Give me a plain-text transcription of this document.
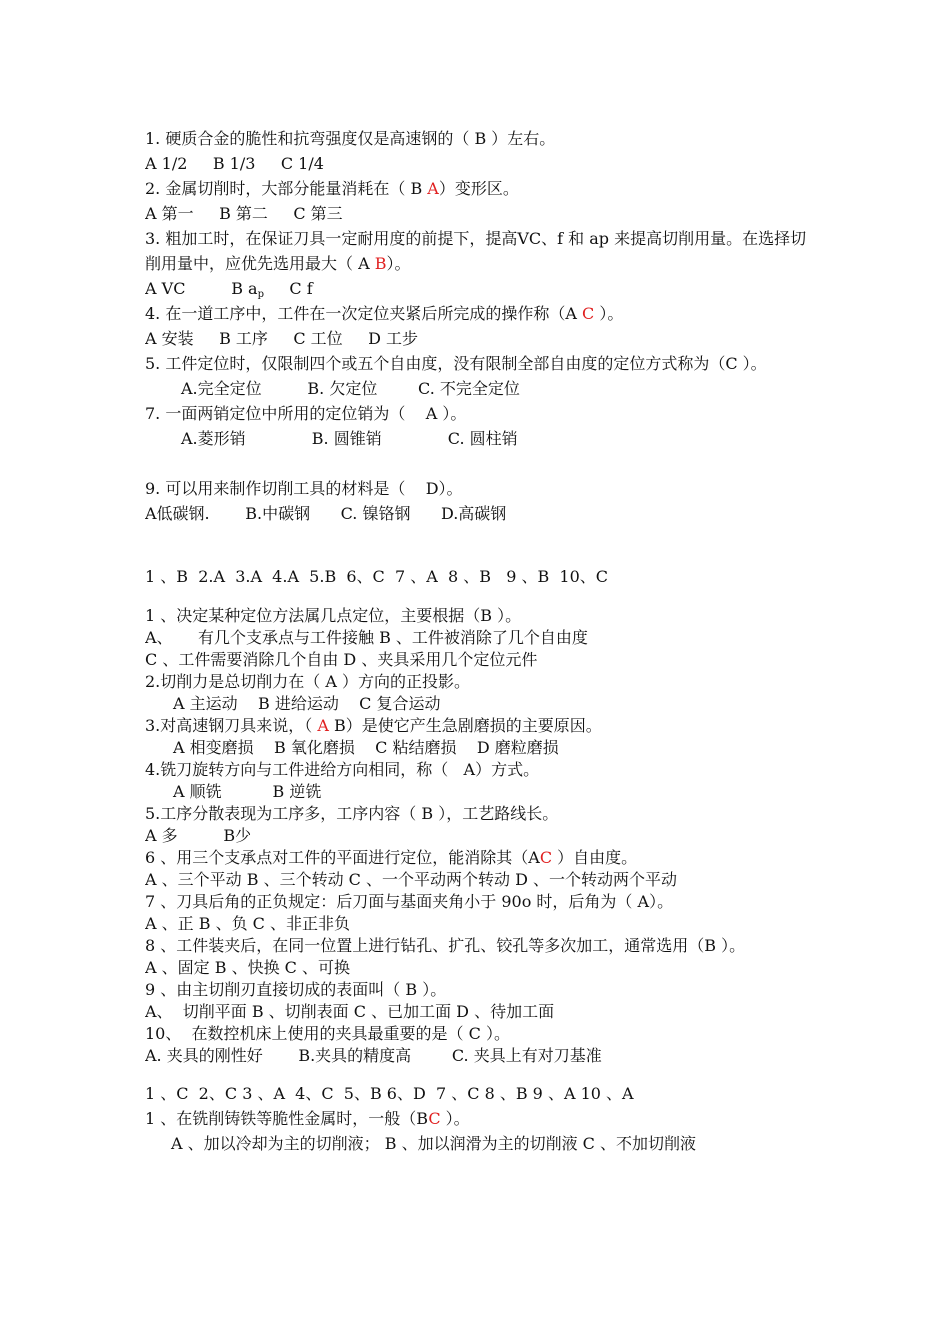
1. 硬质合金的脆性和抗弯强度仅是高速钢的（ B ）左右。
A 1/2     B 1/3     C 1/4
2. 金属切削时，大部分能量消耗在（ B A）变形区。
A 第一     B 第二     C 第三
3. 粗加工时，在保证刀具一定耐用度的前提下，提高VC、f 和 ap 来提高切削用量。在选择切削用量中，应优先选用最大（ A B）。
A VC         B $a_p$     C f
4. 在一道工序中，工件在一次定位夹紧后所完成的操作称（A C ）。
A 安装     B 工序     C 工位     D 工步
5. 工件定位时，仅限制四个或五个自由度，没有限制全部自由度的定位方式称为（C ）。
A.完全定位         B. 欠定位        C. 不完全定位
7. 一面两销定位中所用的定位销为（    A ）。
A.菱形销             B. 圆锥销             C. 圆柱销
9. 可以用来制作切削工具的材料是（    D）。
A低碳钢.       B.中碳钢      C. 镍铬钢      D.高碳钢
1 、B  2.A  3.A  4.A  5.B  6、C  7 、A  8 、B   9 、B  10、C
1 、决定某种定位方法属几点定位，主要根据（B ）。
A、     有几个支承点与工件接触 B 、工件被消除了几个自由度
C 、工件需要消除几个自由 D 、夹具采用几个定位元件
2.切削力是总切削力在（ A ）方向的正投影。
A 主运动    B 进给运动    C 复合运动
3.对高速钢刀具来说，（ A B）是使它产生急剧磨损的主要原因。
A 相变磨损    B 氧化磨损    C 粘结磨损    D 磨粒磨损
4.铣刀旋转方向与工件进给方向相同，称（   A）方式。
A 顺铣          B 逆铣
5.工序分散表现为工序多，工序内容（ B ），工艺路线长。
A 多         B少
6 、用三个支承点对工件的平面进行定位，能消除其（AC ）自由度。
A 、三个平动 B 、三个转动 C 、一个平动两个转动 D 、一个转动两个平动
7 、刀具后角的正负规定：后刀面与基面夹角小于 90o 时，后角为（ A）。
A 、正 B 、负 C 、非正非负
8 、工件装夹后，在同一位置上进行钻孔、扩孔、铰孔等多次加工，通常选用（B ）。
A 、固定 B 、快换 C 、可换
9 、由主切削刃直接切成的表面叫（ B ）。
A、  切削平面 B 、切削表面 C 、已加工面 D 、待加工面
10、  在数控机床上使用的夹具最重要的是（ C ）。
A. 夹具的刚性好       B.夹具的精度高        C. 夹具上有对刀基准
1 、C  2、C 3 、A  4、C  5、B 6、D  7 、C 8 、B 9 、A 10 、A
1 、在铣削铸铁等脆性金属时，一般（BC ）。
A 、加以冷却为主的切削液； B 、加以润滑为主的切削液 C 、不加切削液
